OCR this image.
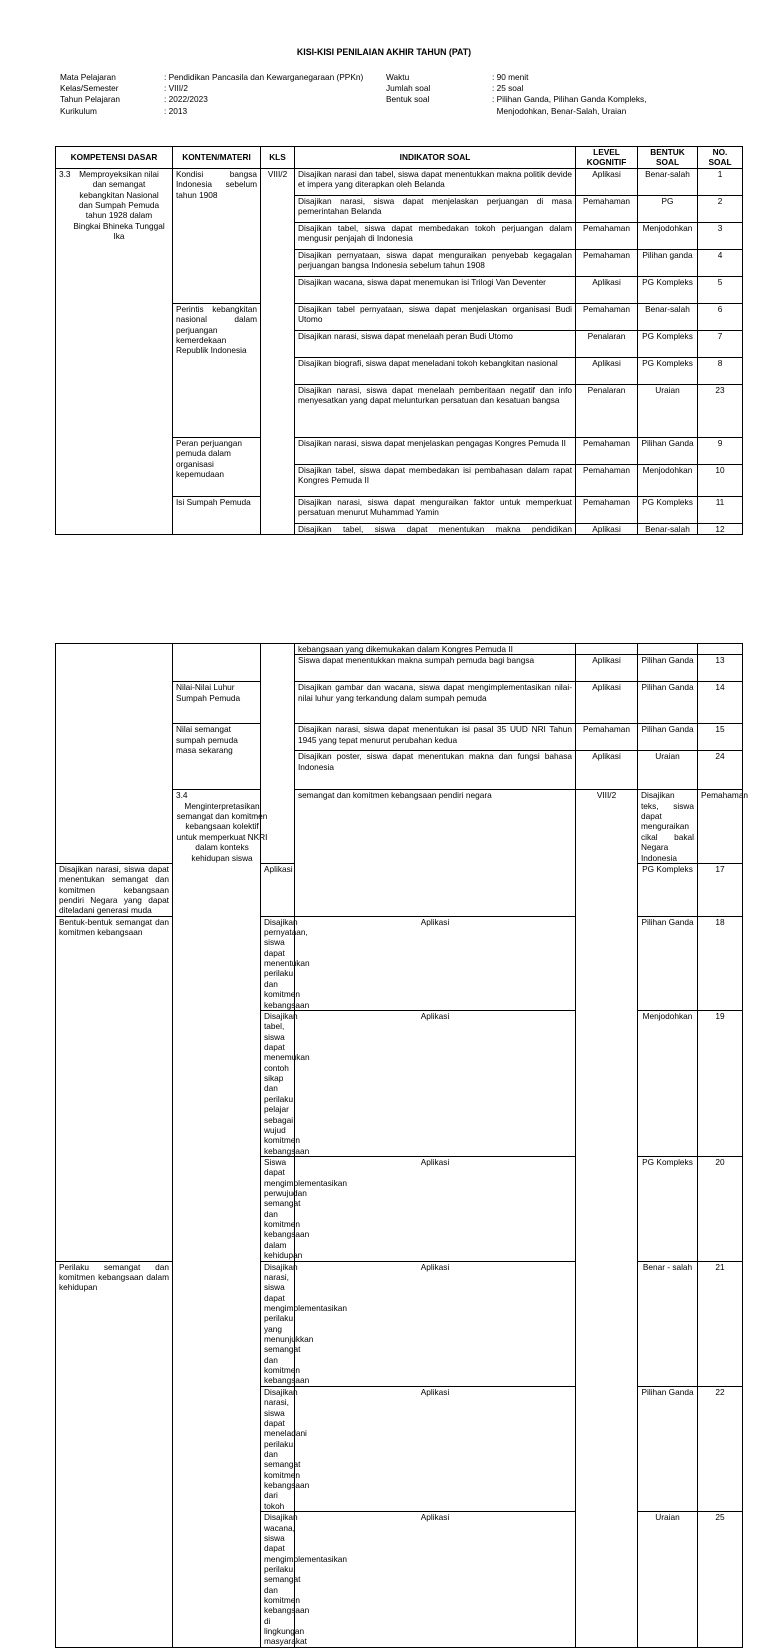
KISI-KISI PENILAIAN AKHIR TAHUN (PAT)
Mata Pelajaran	: Pendidikan Pancasila dan Kewarganegaraan (PPKn)	Waktu	: 90 menit
Kelas/Semester	: VIII/2	Jumlah soal	: 25 soal
Tahun Pelajaran	: 2022/2023	Bentuk soal	: Pilihan Ganda, Pilihan Ganda Kompleks,
Kurikulum	: 2013	Menjodohkan, Benar-Salah, Uraian
KOMPETENSI DASAR	KONTEN/MATERI	KLS	INDIKATOR SOAL	LEVEL KOGNITIF	BENTUK SOAL	NO. SOAL
3.3 Memproyeksikan nilai dan semangat kebangkitan Nasional dan Sumpah Pemuda tahun 1928 dalam Bingkai Bhineka Tunggal Ika	Kondisi bangsa Indonesia sebelum tahun 1908	VIII/2	Disajikan narasi dan tabel, siswa dapat menentukkan makna politik devide et impera yang diterapkan oleh Belanda	Aplikasi	Benar-salah	1
			Disajikan narasi, siswa dapat menjelaskan perjuangan di masa pemerintahan Belanda	Pemahaman	PG	2
			Disajikan tabel, siswa dapat membedakan tokoh perjuangan dalam mengusir penjajah di Indonesia	Pemahaman	Menjodohkan	3
			Disajikan pernyataan, siswa dapat menguraikan penyebab kegagalan perjuangan bangsa Indonesia sebelum tahun 1908	Pemahaman	Pilihan ganda	4
			Disajikan wacana, siswa dapat menemukan isi Trilogi Van Deventer	Aplikasi	PG Kompleks	5
	Perintis kebangkitan nasional dalam perjuangan kemerdekaan Republik Indonesia		Disajikan tabel pernyataan, siswa dapat menjelaskan organisasi Budi Utomo	Pemahaman	Benar-salah	6
			Disajikan narasi, siswa dapat menelaah peran Budi Utomo	Penalaran	PG Kompleks	7
			Disajikan biografi, siswa dapat meneladani tokoh kebangkitan nasional	Aplikasi	PG Kompleks	8
			Disajikan narasi, siswa dapat menelaah pemberitaan negatif dan info menyesatkan yang dapat melunturkan persatuan dan kesatuan bangsa	Penalaran	Uraian	23
	Peran perjuangan pemuda dalam organisasi kepemudaan		Disajikan narasi, siswa dapat menjelaskan pengagas Kongres Pemuda II	Pemahaman	Pilihan Ganda	9
			Disajikan tabel, siswa dapat membedakan isi pembahasan dalam rapat Kongres Pemuda II	Pemahaman	Menjodohkan	10
	Isi Sumpah Pemuda		Disajikan narasi, siswa dapat menguraikan faktor untuk memperkuat persatuan menurut Muhammad Yamin	Pemahaman	PG Kompleks	11
			Disajikan tabel, siswa dapat menentukan makna pendidikan	Aplikasi	Benar-salah	12
			kebangsaan yang dikemukakan dalam Kongres Pemuda II				
			Siswa dapat menentukkan makna sumpah pemuda bagi bangsa	Aplikasi	Pilihan Ganda	13	
	Nilai-Nilai Luhur Sumpah Pemuda		Disajikan gambar dan wacana, siswa dapat mengimplementasikan nilai-nilai luhur yang terkandung dalam sumpah pemuda	Aplikasi	Pilihan Ganda	14	
	Nilai semangat sumpah pemuda masa sekarang		Disajikan narasi, siswa dapat menentukan isi pasal 35 UUD NRI Tahun 1945 yang tepat menurut perubahan kedua	Pemahaman	Pilihan Ganda	15	
			Disajikan poster, siswa dapat menentukan makna dan fungsi bahasa Indonesia	Aplikasi	Uraian	24	
	3.4Menginterpretasikan semangat dan komitmen kebangsaan kolektif untuk memperkuat NKRI dalam konteks kehidupan siswa		semangat dan komitmen kebangsaan pendiri negara	VIII/2	Disajikan teks, siswa dapat menguraikan cikal bakal Negara Indonesia	Pemahaman		
Disajikan narasi, siswa dapat menentukan semangat dan komitmen kebangsaan pendiri Negara yang dapat diteladani generasi muda		Aplikasi			PG Kompleks	17	
Bentuk-bentuk semangat dan komitmen kebangsaan		Disajikan pernyataan, siswa dapat menentukan perilaku dan komitmen kebangsaan	Aplikasi		Pilihan Ganda	18	
		Disajikan tabel, siswa dapat menemukan contoh sikap dan perilaku pelajar sebagai wujud komitmen kebangsaan	Aplikasi		Menjodohkan	19	
		Siswa dapat mengimplementasikan perwujudan semangat dan komitmen kebangsaan dalam kehidupan	Aplikasi		PG Kompleks	20	
Perilaku semangat dan komitmen kebangsaan dalam kehidupan		Disajikan narasi, siswa dapat mengimplementasikan perilaku yang menunjukkan semangat dan komitmen kebangsaan	Aplikasi		Benar - salah	21	
		Disajikan narasi, siswa dapat meneladani perilaku dan semangat komitmen kebangsaan dari tokoh	Aplikasi		Pilihan Ganda	22	
		Disajikan wacana, siswa dapat mengimplementasikan perilaku semangat dan komitmen kebangsaan di lingkungan masyarakat	Aplikasi		Uraian	25	
